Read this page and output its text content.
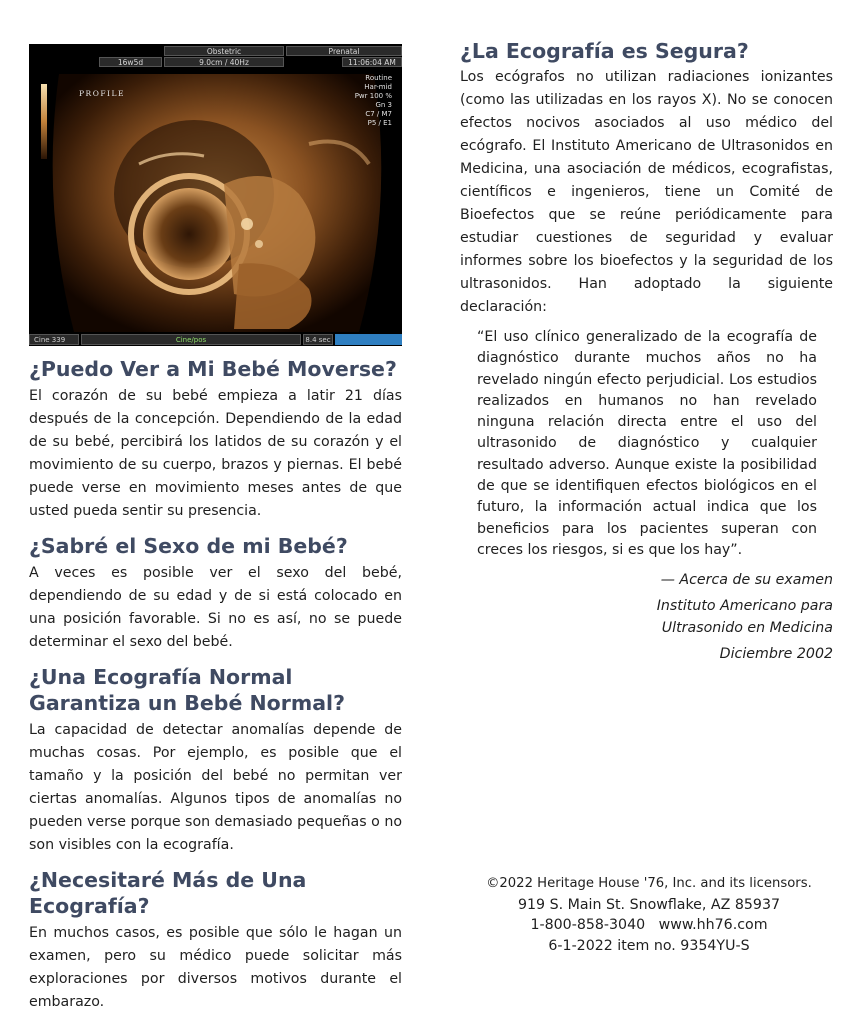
Obstetric	Prenatal
16w5d	9.0cm / 40Hz	11:06:04 AM
Routine
Har-mid
Pwr 100 %
Gn 3
C7 / M7
P5 / E1
PROFILE
Cine 339	Cine/pos	8.4 sec
¿Puedo Ver a Mi Bebé Moverse?

El corazón de su bebé empieza a latir 21 días después de la concepción. Dependiendo de la edad de su bebé, percibirá los latidos de su corazón y el movimiento de su cuerpo, brazos y piernas. El bebé puede verse en movimiento meses antes de que usted pueda sentir su presencia.

¿Sabré el Sexo de mi Bebé?

A veces es posible ver el sexo del bebé, dependiendo de su edad y de si está colocado en una posición favorable. Si no es así, no se puede determinar el sexo del bebé.

¿Una Ecografía Normal Garantiza un Bebé Normal?

La capacidad de detectar anomalías depende de muchas cosas. Por ejemplo, es posible que el tamaño y la posición del bebé no permitan ver ciertas anomalías. Algunos tipos de anomalías no pueden verse porque son demasiado pequeñas o no son visibles con la ecografía.

¿Necesitaré Más de Una Ecografía?

En muchos casos, es posible que sólo le hagan un examen, pero su médico puede solicitar más exploraciones por diversos motivos durante el embarazo.

¿La Ecografía es Segura?

Los ecógrafos no utilizan radiaciones ionizantes (como las utilizadas en los rayos X). No se conocen efectos nocivos asociados al uso médico del ecógrafo. El Instituto Americano de Ultrasonidos en Medicina, una asociación de médicos, ecografistas, científicos e ingenieros, tiene un Comité de Bioefectos que se reúne periódicamente para estudiar cuestiones de seguridad y evaluar informes sobre los bioefectos y la seguridad de los ultrasonidos. Han adoptado la siguiente declaración:

“El uso clínico generalizado de la ecografía de diagnóstico durante muchos años no ha revelado ningún efecto perjudicial. Los estudios realizados en humanos no han revelado ninguna relación directa entre el uso del ultrasonido de diagnóstico y cualquier resultado adverso. Aunque existe la posibilidad de que se identifiquen efectos biológicos en el futuro, la información actual indica que los beneficios para los pacientes superan con creces los riesgos, si es que los hay”.

— Acerca de su examen
Instituto Americano para
Ultrasonido en Medicina
Diciembre 2002
©2022 Heritage House '76, Inc. and its licensors.
919 S. Main St. Snowflake, AZ 85937
1-800-858-3040   www.hh76.com
6-1-2022 item no. 9354YU-S
